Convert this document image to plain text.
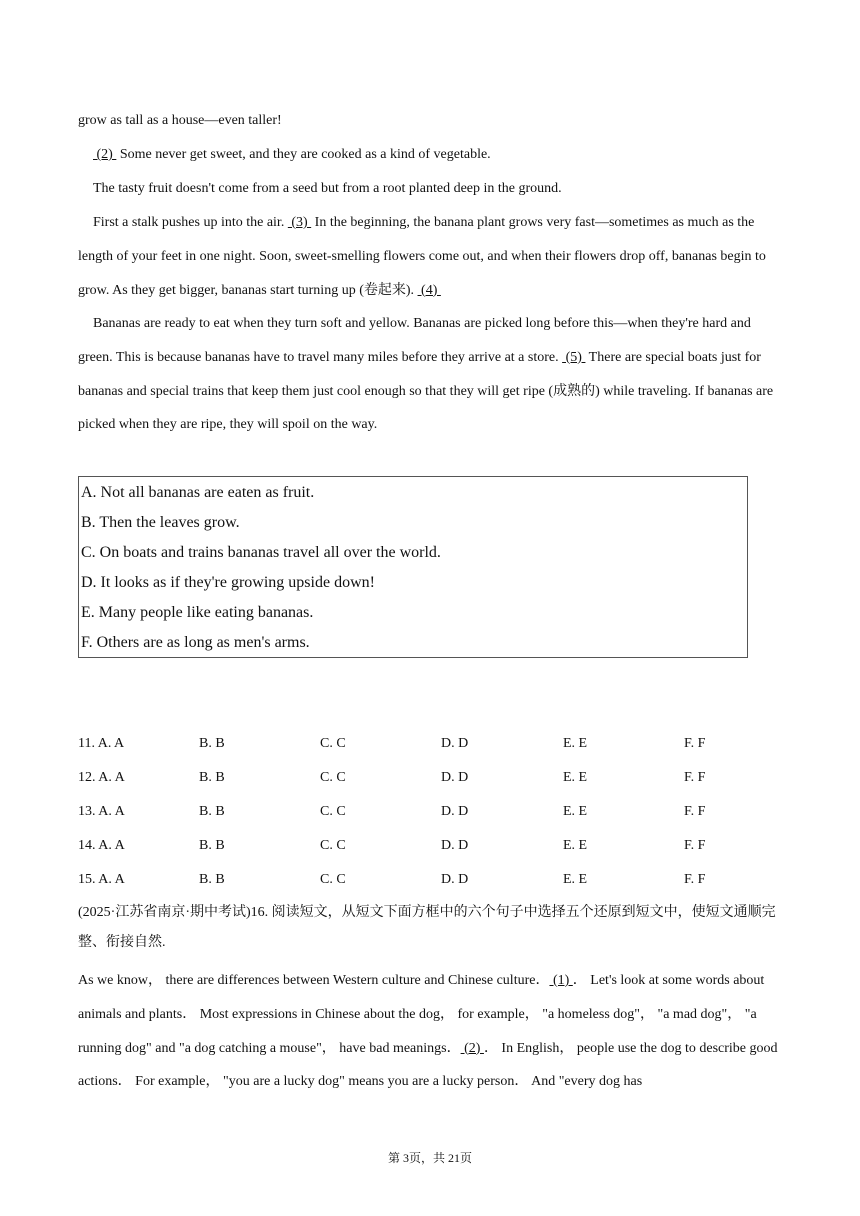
grow as tall as a house—even taller!

(2)  Some never get sweet, and they are cooked as a kind of vegetable.

The tasty fruit doesn't come from a seed but from a root planted deep in the ground.

First a stalk pushes up into the air.  (3)  In the beginning, the banana plant grows very fast—sometimes as much as the length of your feet in one night. Soon, sweet-smelling flowers come out, and when their flowers drop off, bananas begin to grow. As they get bigger, bananas start turning up (卷起来).  (4)

Bananas are ready to eat when they turn soft and yellow. Bananas are picked long before this—when they're hard and green. This is because bananas have to travel many miles before they arrive at a store.  (5)  There are special boats just for bananas and special trains that keep them just cool enough so that they will get ripe (成熟的) while traveling. If bananas are picked when they are ripe, they will spoil on the way.

A. Not all bananas are eaten as fruit.

B. Then the leaves grow.

C. On boats and trains bananas travel all over the world.

D. It looks as if they're growing upside down!

E. Many people like eating bananas.

F. Others are as long as men's arms.

11. A. A	B. B	C. C	D. D	E. E	F. F
12. A. A	B. B	C. C	D. D	E. E	F. F
13. A. A	B. B	C. C	D. D	E. E	F. F
14. A. A	B. B	C. C	D. D	E. E	F. F
15. A. A	B. B	C. C	D. D	E. E	F. F

(2025·江苏省南京·期中考试)16. 阅读短文，从短文下面方框中的六个句子中选择五个还原到短文中，使短文通顺完整、衔接自然.

As we know， there are differences between Western culture and Chinese culture． (1) ． Let's look at some words about animals and plants． Most expressions in Chinese about the dog， for example， "a homeless dog"， "a mad dog"， "a running dog" and "a dog catching a mouse"， have bad meanings． (2) ． In English， people use the dog to describe good actions． For example， "you are a lucky dog" means you are a lucky person． And "every dog has

第 3页，共 21页
